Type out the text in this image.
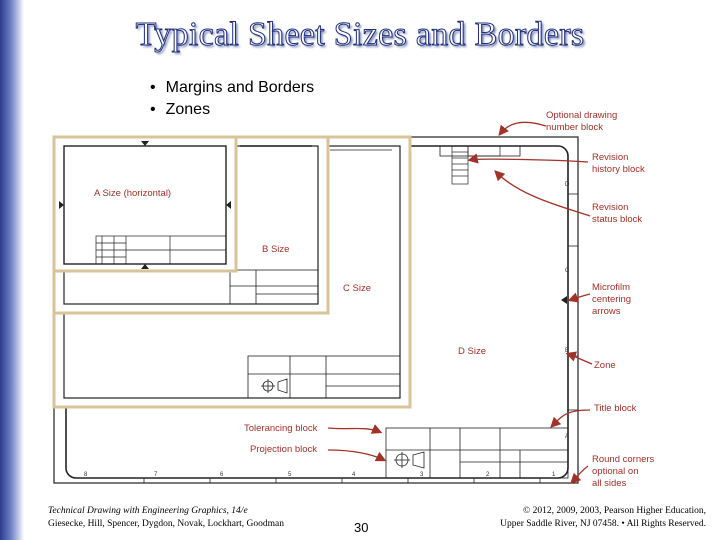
Typical Sheet Sizes and Borders
• Margins and Borders
• Zones
D
C
B
A
8	7	6	5	4	3	2	1
D Size
C Size
B Size
A Size (horizontal)
Optional drawing number block
Revision history block
Revision status block
Microfilm centering arrows
Zone
Title block
Tolerancing block
Projection block
Round corners optional on all sides
Technical Drawing with Engineering Graphics, 14/e
Giesecke, Hill, Spencer, Dygdon, Novak, Lockhart, Goodman	30
© 2012, 2009, 2003, Pearson Higher Education,
Upper Saddle River, NJ 07458. • All Rights Reserved.
